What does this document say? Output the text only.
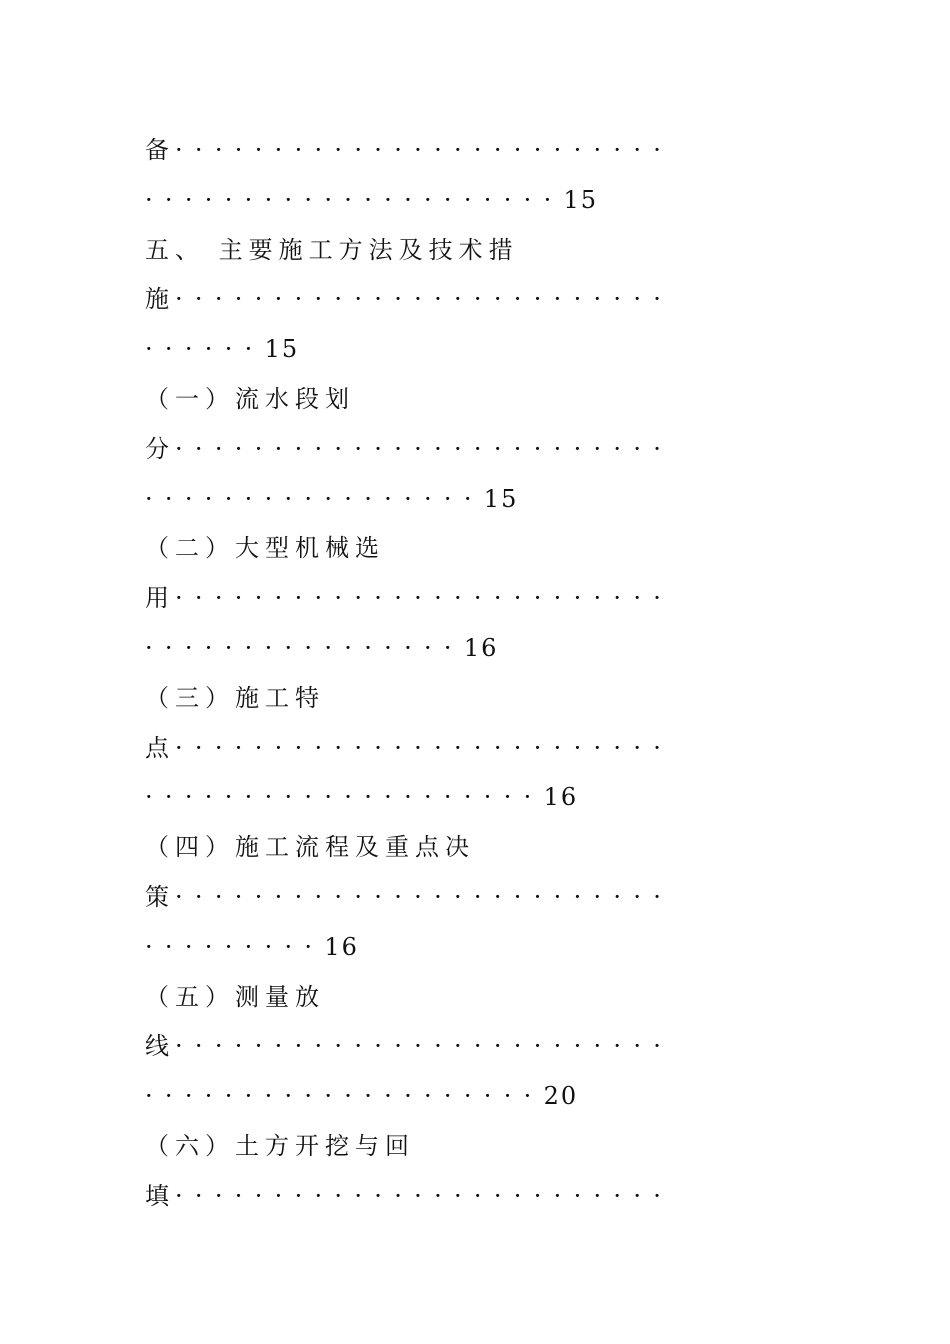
备·························
·····················15
五、 主要施工方法及技术措
施·························
······15
（一）流水段划
分·························
·················15
（二）大型机械选
用·························
················16
（三）施工特
点·························
····················16
（四）施工流程及重点决
策·························
·········16
（五）测量放
线·························
····················20
（六）土方开挖与回
填·························
